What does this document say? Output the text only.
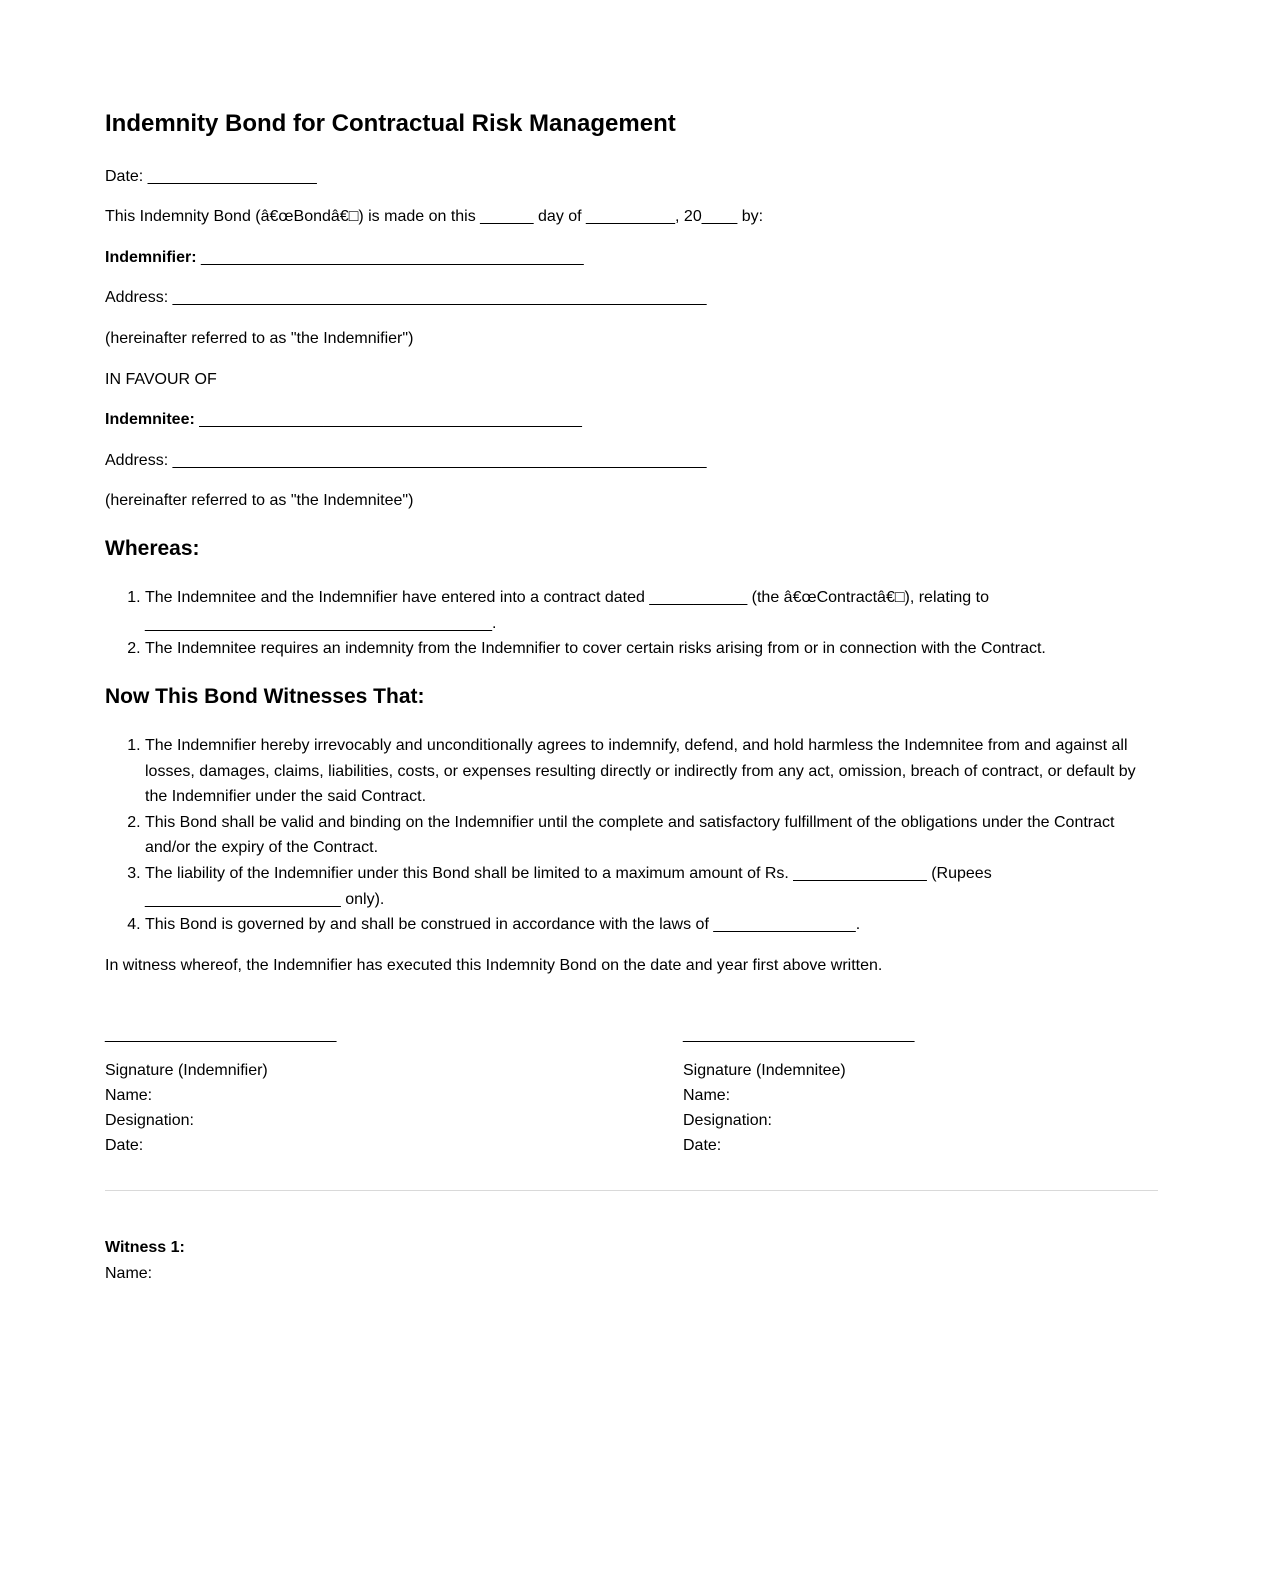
Indemnity Bond for Contractual Risk Management

Date: ___________________

This Indemnity Bond (â€œBondâ€□) is made on this ______ day of __________, 20____ by:

Indemnifier: ___________________________________________

Address: ____________________________________________________________

(hereinafter referred to as "the Indemnifier")

IN FAVOUR OF

Indemnitee: ___________________________________________

Address: ____________________________________________________________

(hereinafter referred to as "the Indemnitee")

Whereas:
1. The Indemnitee and the Indemnifier have entered into a contract dated ___________ (the â€œContractâ€□), relating to _______________________________________.
2. The Indemnitee requires an indemnity from the Indemnifier to cover certain risks arising from or in connection with the Contract.
Now This Bond Witnesses That:
1. The Indemnifier hereby irrevocably and unconditionally agrees to indemnify, defend, and hold harmless the Indemnitee from and against all losses, damages, claims, liabilities, costs, or expenses resulting directly or indirectly from any act, omission, breach of contract, or default by the Indemnifier under the said Contract.
2. This Bond shall be valid and binding on the Indemnifier until the complete and satisfactory fulfillment of the obligations under the Contract and/or the expiry of the Contract.
3. The liability of the Indemnifier under this Bond shall be limited to a maximum amount of Rs. _______________ (Rupees ______________________ only).
4. This Bond is governed by and shall be construed in accordance with the laws of ________________.

In witness whereof, the Indemnifier has executed this Indemnity Bond on the date and year first above written.

__________________________

Signature (Indemnifier)
Name:
Designation:
Date:

__________________________

Signature (Indemnitee)
Name:
Designation:
Date:

Witness 1:

Name:
